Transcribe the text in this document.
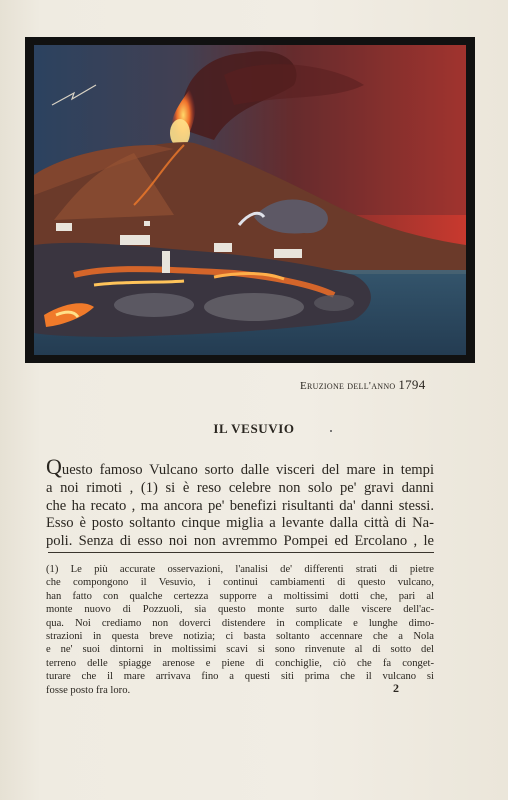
Eruzione dell'anno 1794
IL VESUVIO
Questo famoso Vulcano sorto dalle visceri del mare in tempi
a noi rimoti , (1) si è reso celebre non solo pe' gravi danni
che ha recato , ma ancora pe' benefizi risultanti da' danni stessi.
Esso è posto soltanto cinque miglia a levante dalla città di Na-
poli. Senza di esso noi non avremmo Pompei ed Ercolano , le
(1) Le più accurate osservazioni, l'analisi de' differenti strati di pietre
che compongono il Vesuvio, i continui cambiamenti di questo vulcano,
han fatto con qualche certezza supporre a moltissimi dotti che, pari al
monte nuovo di Pozzuoli, sia questo monte surto dalle viscere dell'ac-
qua. Noi crediamo non doverci distendere in complicate e lunghe dimo-
strazioni in questa breve notizia; ci basta soltanto accennare che a Nola
e ne' suoi dintorni in moltissimi scavi si sono rinvenute al di sotto del
terreno delle spiagge arenose e piene di conchiglie, ciò che fa conget-
turare che il mare arrivava fino a questi siti prima che il vulcano si
fosse posto fra loro.	2
